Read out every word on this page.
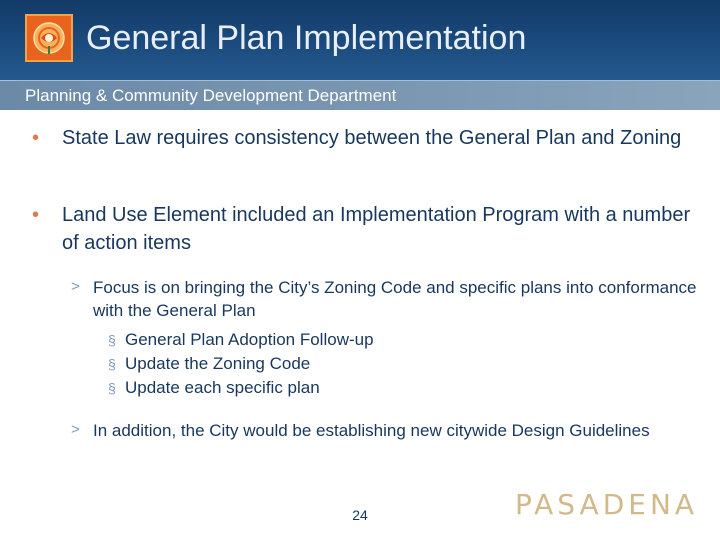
General Plan Implementation
Planning & Community Development Department
• State Law requires consistency between the General Plan and Zoning
• Land Use Element included an Implementation Program with a number of action items
> Focus is on bringing the City’s Zoning Code and specific plans into conformance with the General Plan
§ General Plan Adoption Follow-up
§ Update the Zoning Code
§ Update each specific plan
> In addition, the City would be establishing new citywide Design Guidelines
24	PASADENA
